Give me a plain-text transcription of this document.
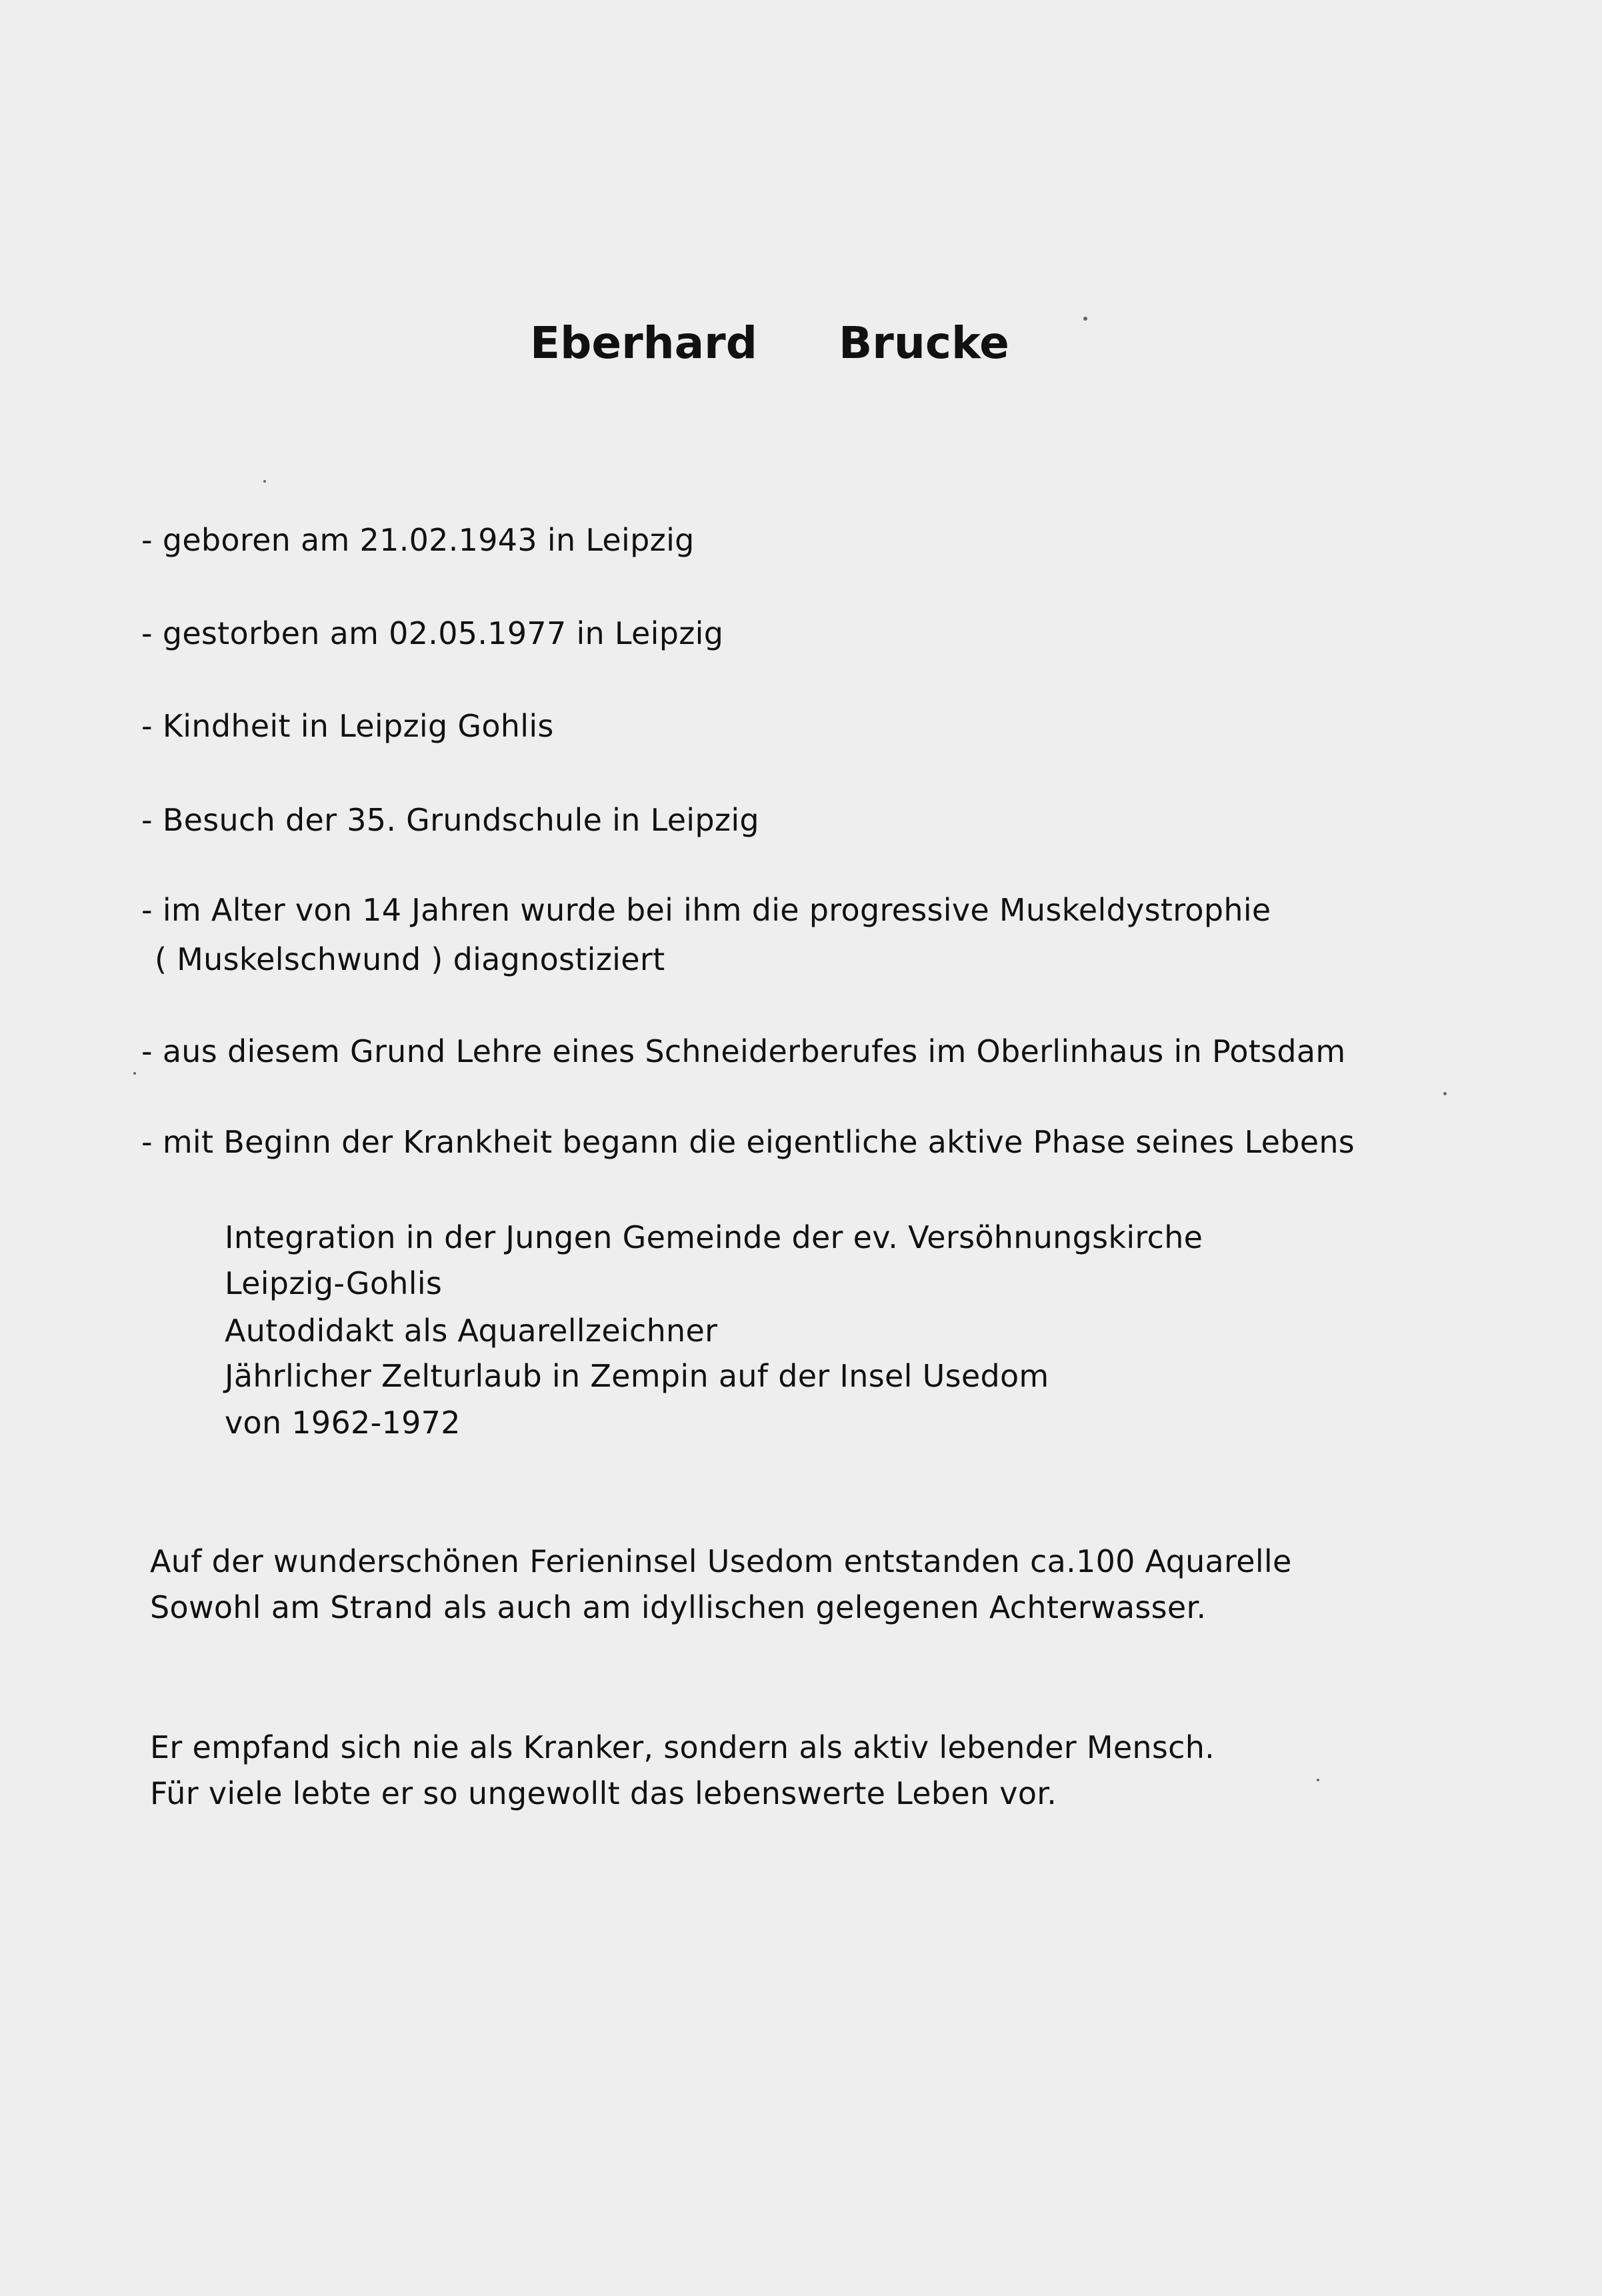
Eberhard Brucke
- geboren am 21.02.1943 in Leipzig
- gestorben am 02.05.1977 in Leipzig
- Kindheit in Leipzig Gohlis
- Besuch der 35. Grundschule in Leipzig
- im Alter von 14 Jahren wurde bei ihm die progressive Muskeldystrophie
( Muskelschwund ) diagnostiziert
- aus diesem Grund Lehre eines Schneiderberufes im Oberlinhaus in Potsdam
- mit Beginn der Krankheit begann die eigentliche aktive Phase seines Lebens
Integration in der Jungen Gemeinde der ev. Versöhnungskirche
Leipzig-Gohlis
Autodidakt als Aquarellzeichner
Jährlicher Zelturlaub in Zempin auf der Insel Usedom
von 1962-1972
Auf der wunderschönen Ferieninsel Usedom entstanden ca.100 Aquarelle
Sowohl am Strand als auch am idyllischen gelegenen Achterwasser.
Er empfand sich nie als Kranker, sondern als aktiv lebender Mensch.
Für viele lebte er so ungewollt das lebenswerte Leben vor.
